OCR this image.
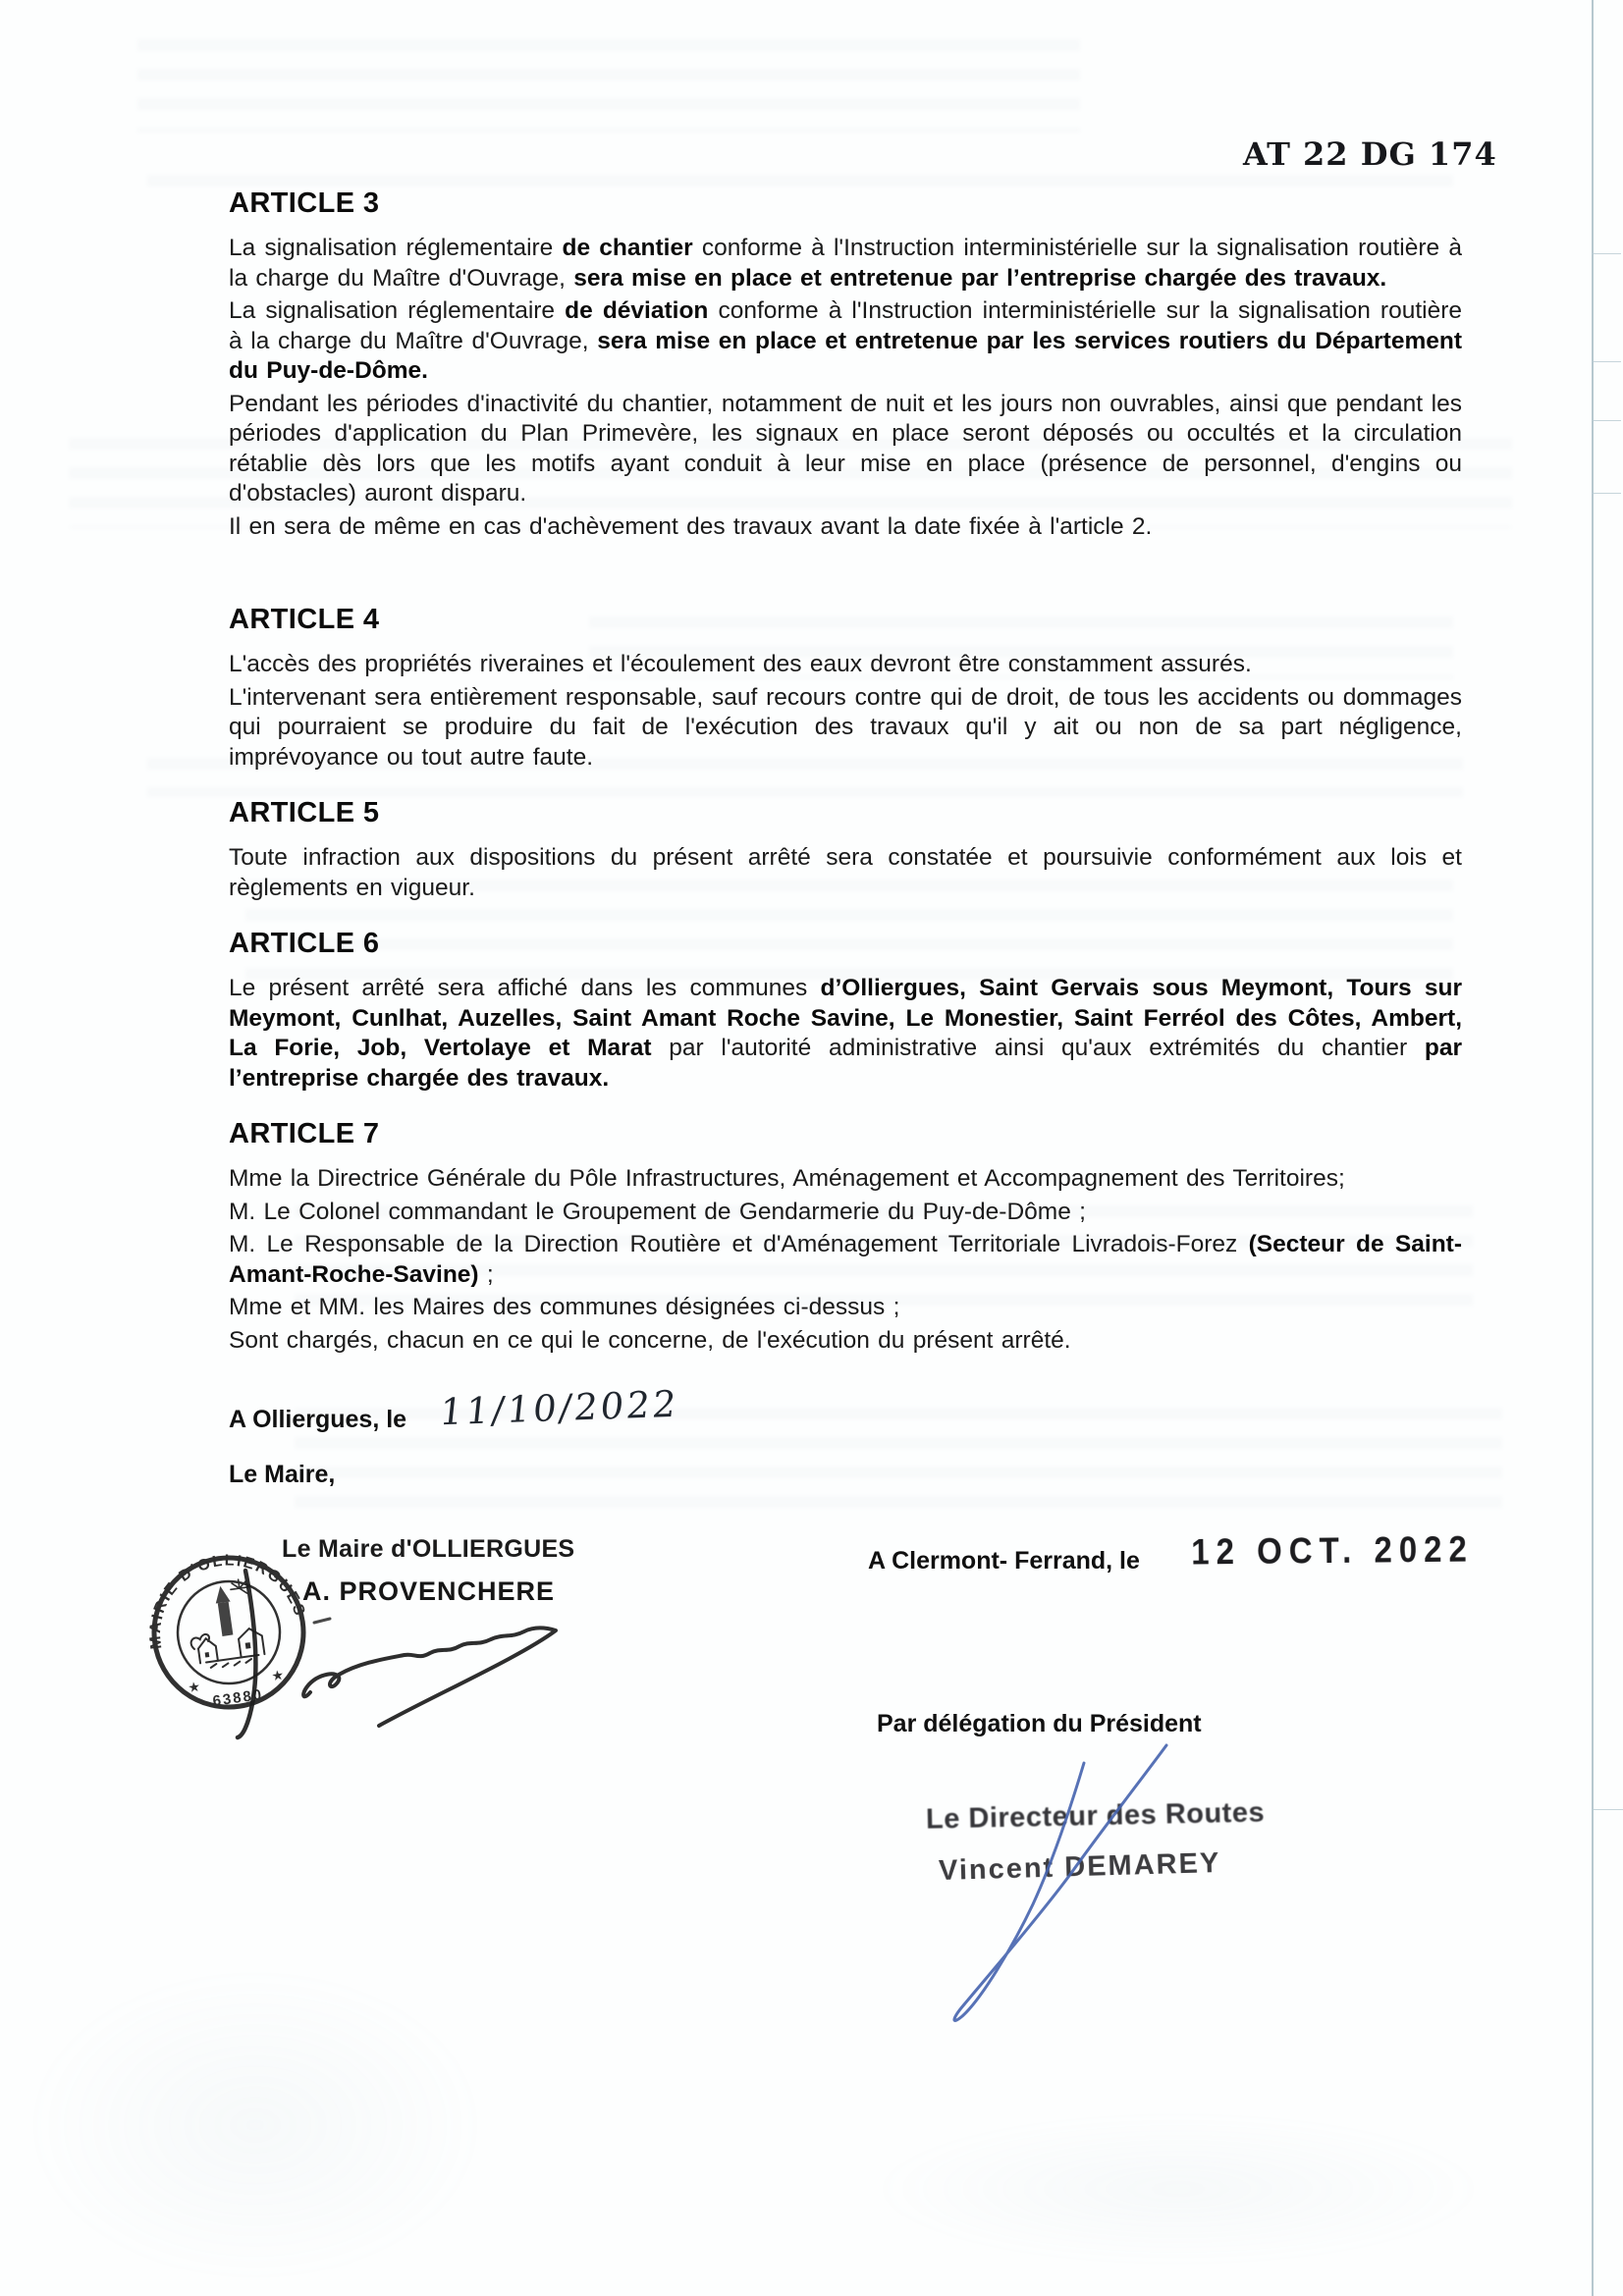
AT 22 DG 174
ARTICLE 3

La signalisation réglementaire de chantier conforme à l'Instruction interministérielle sur la signalisation routière à la charge du Maître d'Ouvrage, sera mise en place et entretenue par l’entreprise chargée des travaux.

La signalisation réglementaire de déviation conforme à l'Instruction interministérielle sur la signalisation routière à la charge du Maître d'Ouvrage, sera mise en place et entretenue par les services routiers du Département du Puy-de-Dôme.

Pendant les périodes d'inactivité du chantier, notamment de nuit et les jours non ouvrables, ainsi que pendant les périodes d'application du Plan Primevère, les signaux en place seront déposés ou occultés et la circulation rétablie dès lors que les motifs ayant conduit à leur mise en place (présence de personnel, d'engins ou d'obstacles) auront disparu.

Il en sera de même en cas d'achèvement des travaux avant la date fixée à l'article 2.

ARTICLE 4

L'accès des propriétés riveraines et l'écoulement des eaux devront être constamment assurés.

L'intervenant sera entièrement responsable, sauf recours contre qui de droit, de tous les accidents ou dommages qui pourraient se produire du fait de l'exécution des travaux qu'il y ait ou non de sa part négligence, imprévoyance ou tout autre faute.

ARTICLE 5

Toute infraction aux dispositions du présent arrêté sera constatée et poursuivie conformément aux lois et règlements en vigueur.

ARTICLE 6

Le présent arrêté sera affiché dans les communes d’Olliergues, Saint Gervais sous Meymont, Tours sur Meymont, Cunlhat, Auzelles, Saint Amant Roche Savine, Le Monestier, Saint Ferréol des Côtes, Ambert, La Forie, Job, Vertolaye et Marat par l'autorité administrative ainsi qu'aux extrémités du chantier par l’entreprise chargée des travaux.

ARTICLE 7

Mme la Directrice Générale du Pôle Infrastructures, Aménagement et Accompagnement des Territoires;

M. Le Colonel commandant le Groupement de Gendarmerie du Puy-de-Dôme ;

M. Le Responsable de la Direction Routière et d'Aménagement Territoriale Livradois-Forez (Secteur de Saint-Amant-Roche-Savine) ;

Mme et MM. les Maires des communes désignées ci-dessus ;

Sont chargés, chacun en ce qui le concerne, de l'exécution du présent arrêté.

A Olliergues, le 11/10/2022
Le Maire,
Le Maire d'OLLIERGUES
A. PROVENCHERE
MAIRIE D'OLLIERGUES
★
★
63880
A Clermont- Ferrand, le 12 OCT. 2022
Par délégation du Président
Le Directeur des Routes
Vincent DEMAREY
